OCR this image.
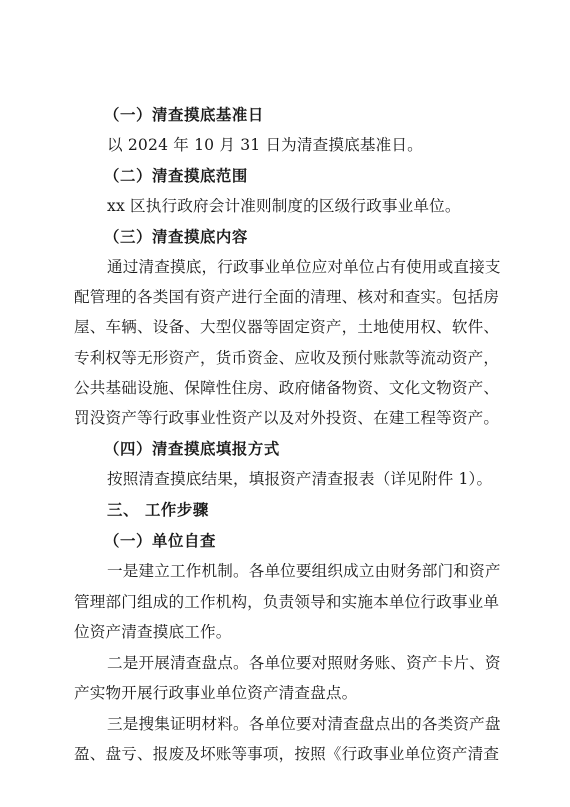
（一）清查摸底基准日
以 2024 年 10 月 31 日为清查摸底基准日。
（二）清查摸底范围
xx 区执行政府会计准则制度的区级行政事业单位。
（三）清查摸底内容
通过清查摸底，行政事业单位应对单位占有使用或直接支
配管理的各类国有资产进行全面的清理、核对和查实。包括房
屋、车辆、设备、大型仪器等固定资产，土地使用权、软件、
专利权等无形资产，货币资金、应收及预付账款等流动资产，
公共基础设施、保障性住房、政府储备物资、文化文物资产、
罚没资产等行政事业性资产以及对外投资、在建工程等资产。
（四）清查摸底填报方式
按照清查摸底结果，填报资产清查报表（详见附件 1）。
三、 工作步骤
（一）单位自查
一是建立工作机制。各单位要组织成立由财务部门和资产
管理部门组成的工作机构，负责领导和实施本单位行政事业单
位资产清查摸底工作。
二是开展清查盘点。各单位要对照财务账、资产卡片、资
产实物开展行政事业单位资产清查盘点。
三是搜集证明材料。各单位要对清查盘点出的各类资产盘
盈、盘亏、报废及坏账等事项，按照《行政事业单位资产清查
